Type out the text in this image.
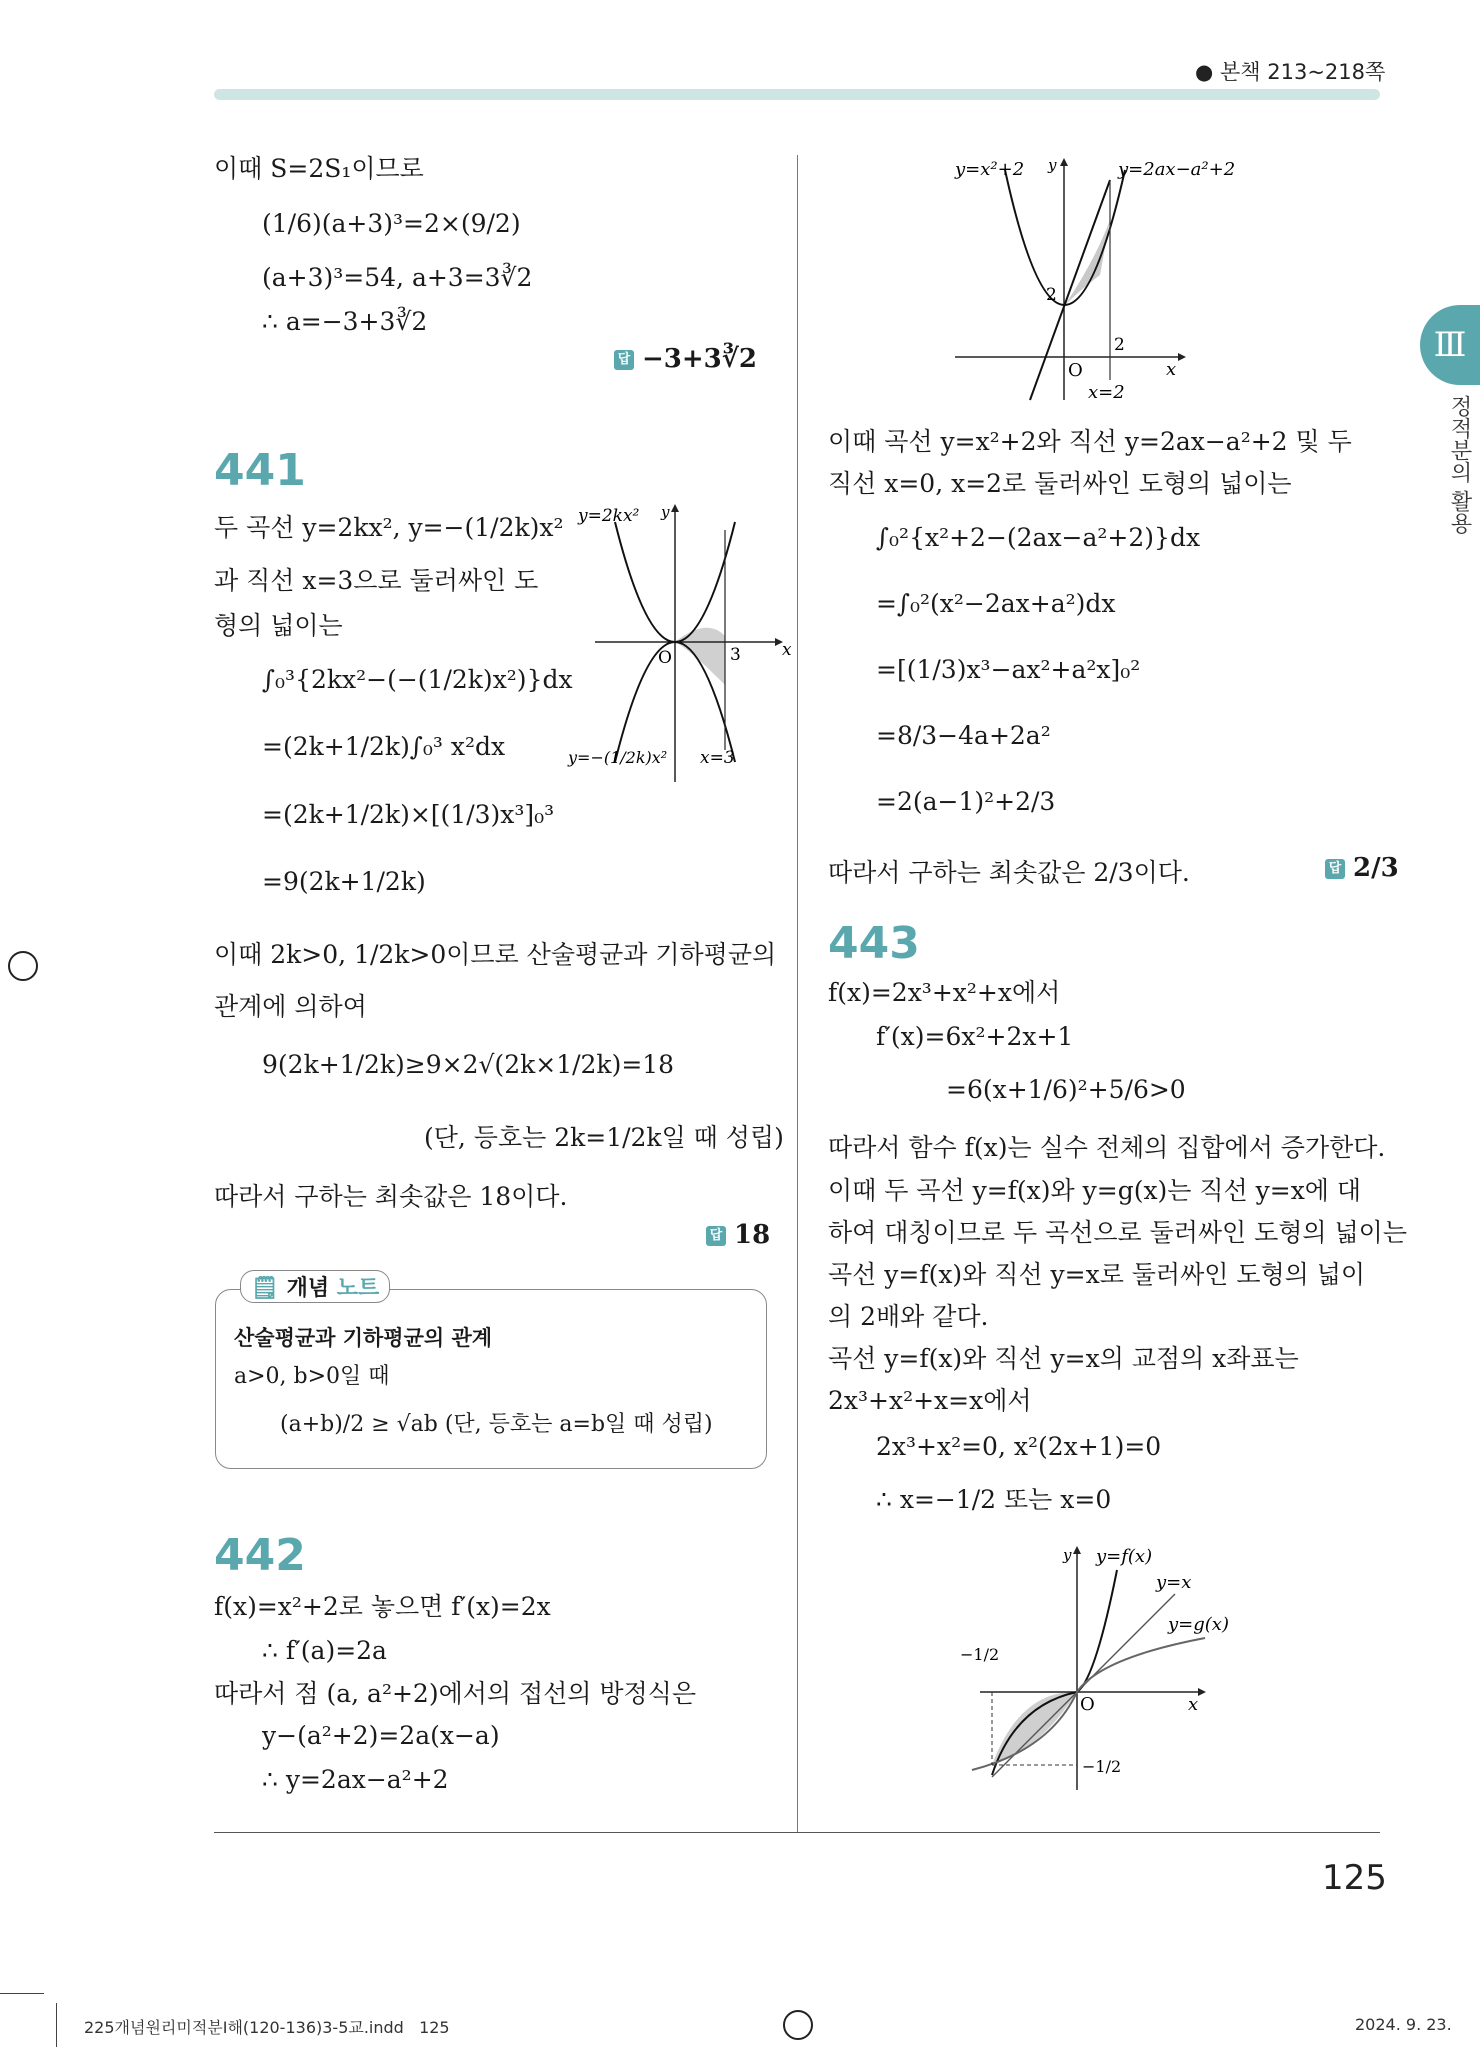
● 본책 213~218쪽
Ⅲ
정적분의 활용
이때 S=2S₁이므로
(1/6)(a+3)³=2×(9/2)
(a+3)³=54, a+3=3∛2
∴ a=−3+3∛2
답 −3+3∛2
441
두 곡선 y=2kx², y=−(1/2k)x²
과 직선 x=3으로 둘러싸인 도
형의 넓이는
∫₀³{2kx²−(−(1/2k)x²)}dx
=(2k+1/2k)∫₀³ x²dx
=(2k+1/2k)×[(1/3)x³]₀³
=9(2k+1/2k)
이때 2k>0, 1/2k>0이므로 산술평균과 기하평균의
관계에 의하여
9(2k+1/2k)≥9×2√(2k×1/2k)=18
(단, 등호는 2k=1/2k일 때 성립)
따라서 구하는 최솟값은 18이다.
답 18
y=2kx² y
x
O	3
y=−(1/2k)x² x=3
🗒 개념 노트
산술평균과 기하평균의 관계
a>0, b>0일 때
(a+b)/2 ≥ √ab (단, 등호는 a=b일 때 성립)
442
f(x)=x²+2로 놓으면 f′(x)=2x
∴ f′(a)=2a
따라서 점 (a, a²+2)에서의 접선의 방정식은
y−(a²+2)=2a(x−a)
∴ y=2ax−a²+2
y=x²+2 y	y=2ax−a²+2
2
2
O	x
x=2
이때 곡선 y=x²+2와 직선 y=2ax−a²+2 및 두
직선 x=0, x=2로 둘러싸인 도형의 넓이는
∫₀²{x²+2−(2ax−a²+2)}dx
=∫₀²(x²−2ax+a²)dx
=[(1/3)x³−ax²+a²x]₀²
=8/3−4a+2a²
=2(a−1)²+2/3
따라서 구하는 최솟값은 2/3이다.	답 2/3
443
f(x)=2x³+x²+x에서
f′(x)=6x²+2x+1
=6(x+1/6)²+5/6>0
따라서 함수 f(x)는 실수 전체의 집합에서 증가한다.
이때 두 곡선 y=f(x)와 y=g(x)는 직선 y=x에 대
하여 대칭이므로 두 곡선으로 둘러싸인 도형의 넓이는
곡선 y=f(x)와 직선 y=x로 둘러싸인 도형의 넓이
의 2배와 같다.
곡선 y=f(x)와 직선 y=x의 교점의 x좌표는
2x³+x²+x=x에서
2x³+x²=0, x²(2x+1)=0
∴ x=−1/2 또는 x=0
y y=f(x)
y=x
y=g(x)
−1/2
O	x
−1/2
125
225개념원리미적분Ⅰ해(120-136)3-5교.indd   125	2024. 9. 23.
